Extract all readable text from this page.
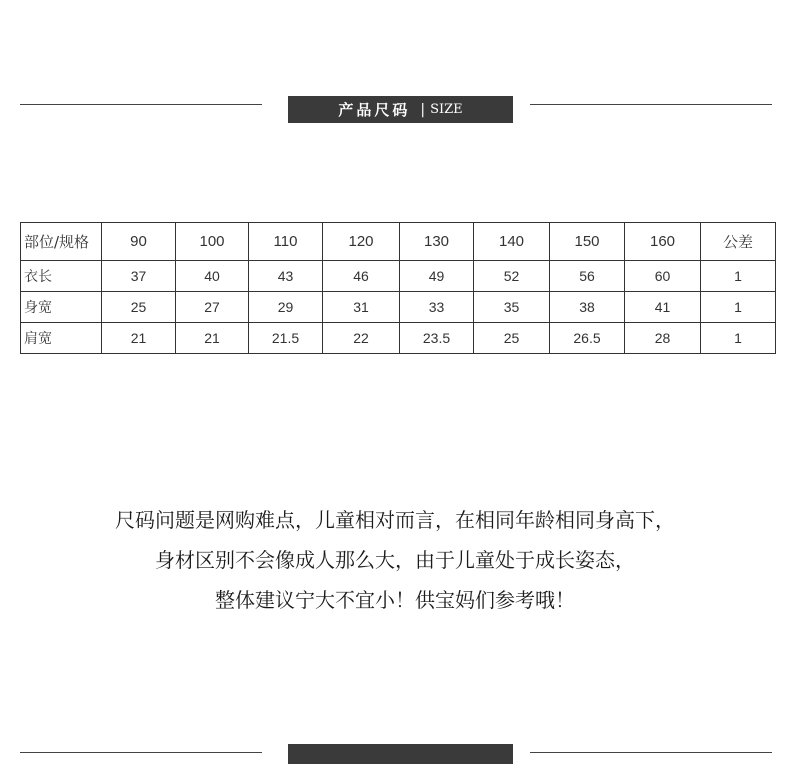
产品尺码 | SIZE
部位/规格	90	100	110	120	130	140	150	160	公差
衣长	37	40	43	46	49	52	56	60	1
身宽	25	27	29	31	33	35	38	41	1
肩宽	21	21	21.5	22	23.5	25	26.5	28	1
尺码问题是网购难点，儿童相对而言，在相同年龄相同身高下，
身材区别不会像成人那么大，由于儿童处于成长姿态，
整体建议宁大不宜小！供宝妈们参考哦！
